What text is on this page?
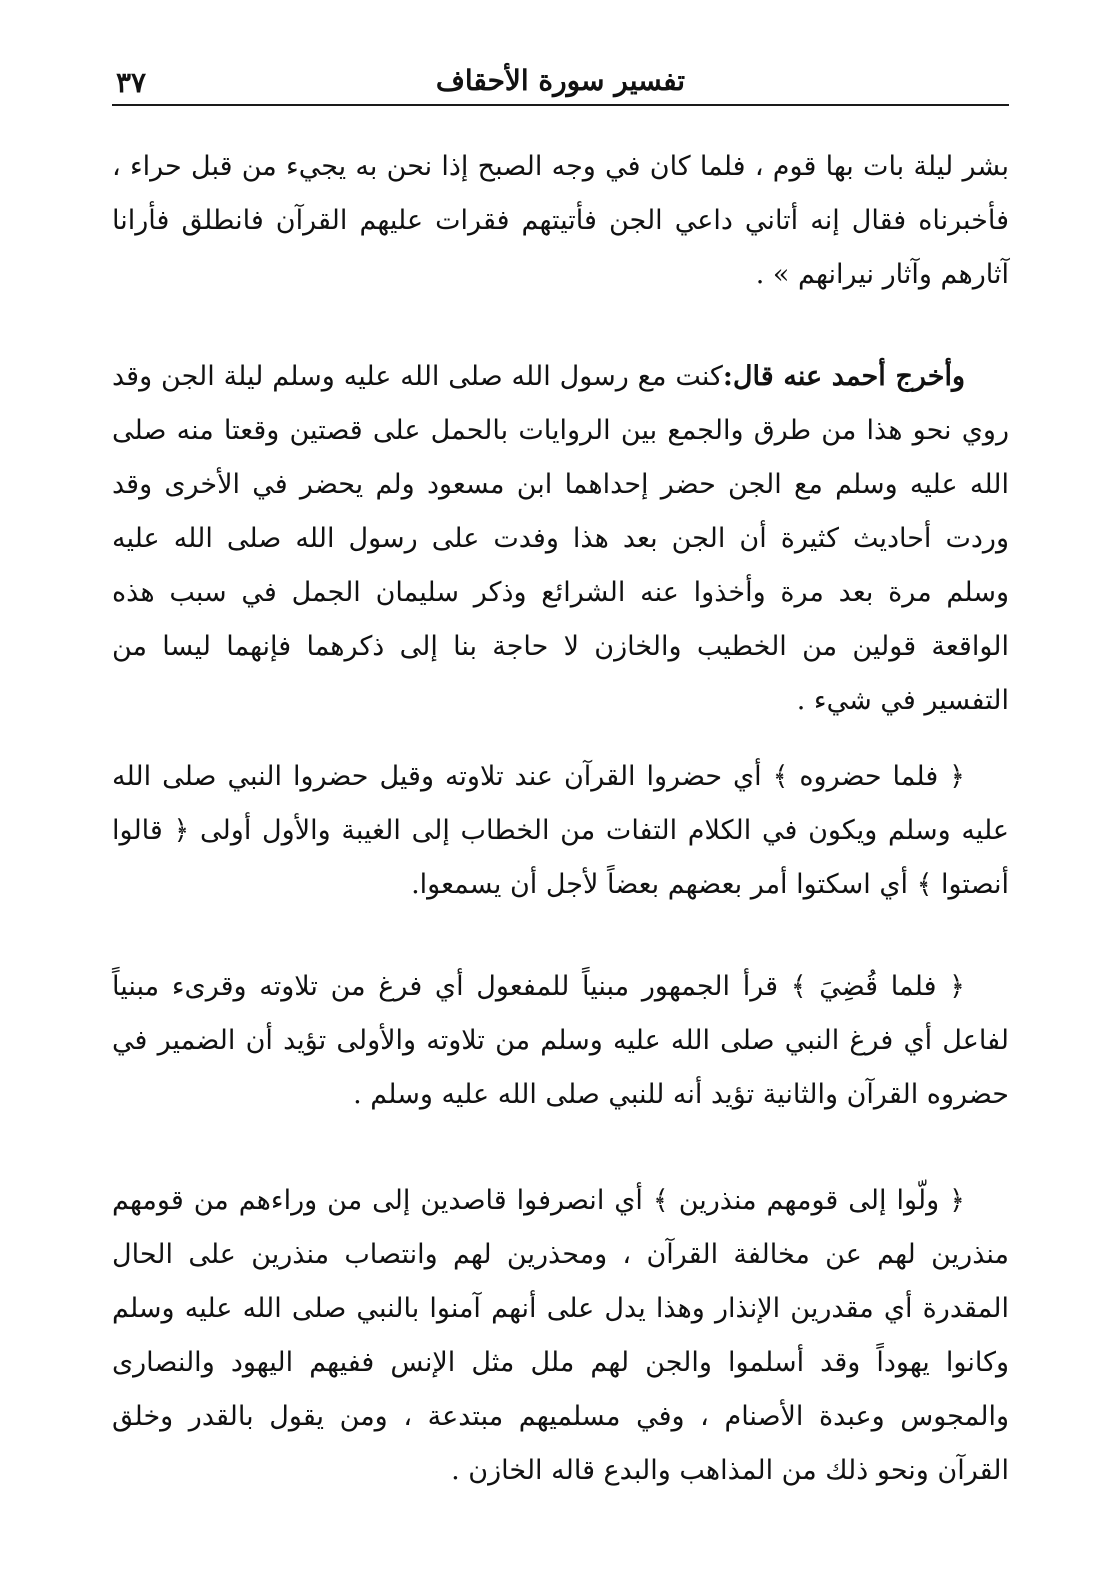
تفسير سورة الأحقاف
٣٧

بشر ليلة بات بها قوم ، فلما كان في وجه الصبح إذا نحن به يجيء من قبل حراء ، فأخبرناه فقال إنه أتاني داعي الجن فأتيتهم فقرات عليهم القرآن فانطلق فأرانا آثارهم وآثار نيرانهم » .

وأخرج أحمد عنه قال:كنت مع رسول الله صلى الله عليه وسلم ليلة الجن وقد روي نحو هذا من طرق والجمع بين الروايات بالحمل على قصتين وقعتا منه صلى الله عليه وسلم مع الجن حضر إحداهما ابن مسعود ولم يحضر في الأخرى وقد وردت أحاديث كثيرة أن الجن بعد هذا وفدت على رسول الله صلى الله عليه وسلم مرة بعد مرة وأخذوا عنه الشرائع وذكر سليمان الجمل في سبب هذه الواقعة قولين من الخطيب والخازن لا حاجة بنا إلى ذكرهما فإنهما ليسا من التفسير في شيء .

﴿ فلما حضروه ﴾ أي حضروا القرآن عند تلاوته وقيل حضروا النبي صلى الله عليه وسلم ويكون في الكلام التفات من الخطاب إلى الغيبة والأول أولى ﴿ قالوا أنصتوا ﴾ أي اسكتوا أمر بعضهم بعضاً لأجل أن يسمعوا.

﴿ فلما قُضِيَ ﴾ قرأ الجمهور مبنياً للمفعول أي فرغ من تلاوته وقرىء مبنياً لفاعل أي فرغ النبي صلى الله عليه وسلم من تلاوته والأولى تؤيد أن الضمير في حضروه القرآن والثانية تؤيد أنه للنبي صلى الله عليه وسلم .

﴿ ولّوا إلى قومهم منذرين ﴾ أي انصرفوا قاصدين إلى من وراءهم من قومهم منذرين لهم عن مخالفة القرآن ، ومحذرين لهم وانتصاب منذرين على الحال المقدرة أي مقدرين الإنذار وهذا يدل على أنهم آمنوا بالنبي صلى الله عليه وسلم وكانوا يهوداً وقد أسلموا والجن لهم ملل مثل الإنس ففيهم اليهود والنصارى والمجوس وعبدة الأصنام ، وفي مسلميهم مبتدعة ، ومن يقول بالقدر وخلق القرآن ونحو ذلك من المذاهب والبدع قاله الخازن .
